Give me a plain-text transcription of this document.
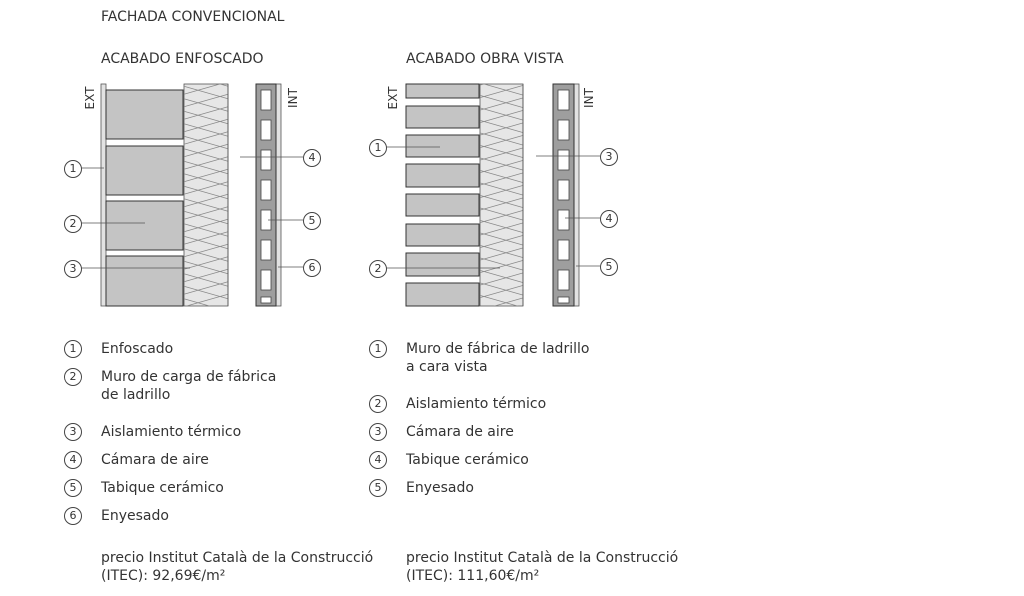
FACHADA CONVENCIONAL
ACABADO ENFOSCADO	ACABADO OBRA VISTA
EXT	INT	EXT	INT
1
2
3
4
5
6
1
2
3
4
5
1	Enfoscado
2	Muro de carga de fábrica
de ladrillo
3	Aislamiento térmico
4	Cámara de aire
5	Tabique cerámico
6	Enyesado
1	Muro de fábrica de ladrillo
a cara vista
2	Aislamiento térmico
3	Cámara de aire
4	Tabique cerámico
5	Enyesado
precio Institut Català de la Construcció
(ITEC): 92,69€/m²
precio Institut Català de la Construcció
(ITEC): 111,60€/m²
